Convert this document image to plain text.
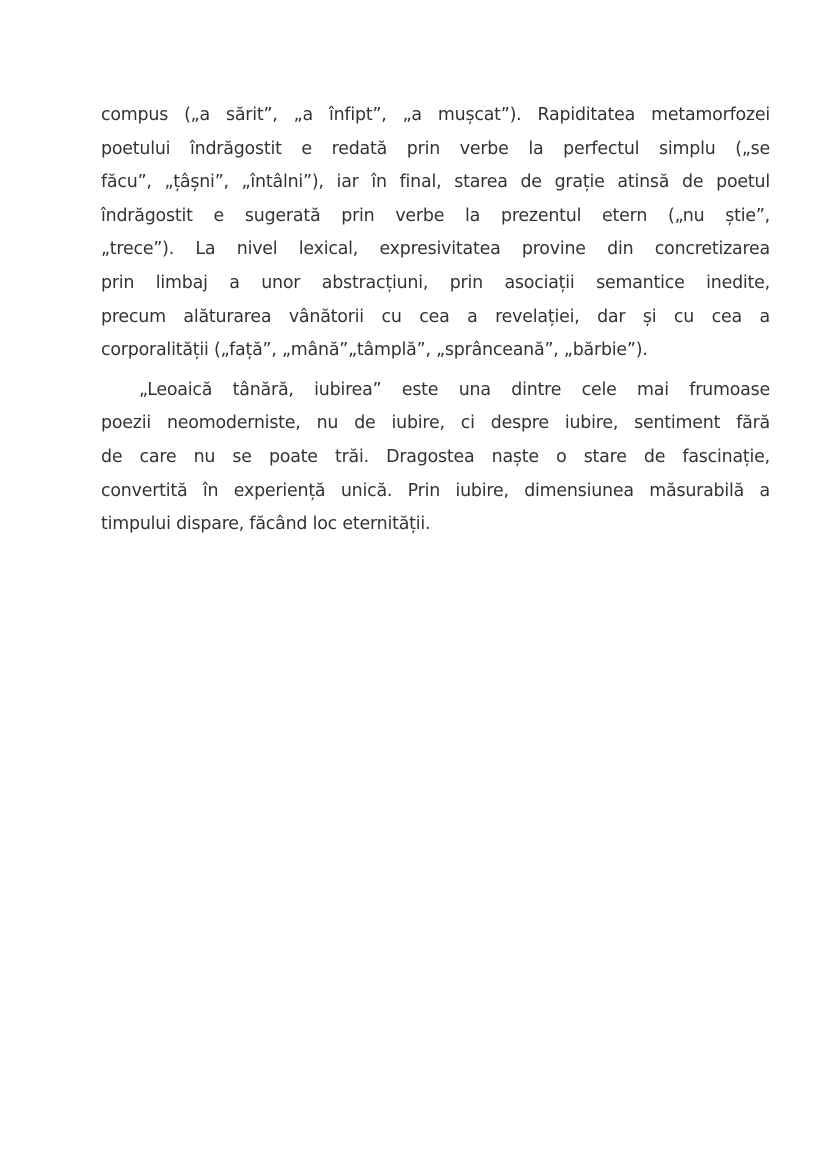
compus („a sărit”, „a înfipt”, „a mușcat”). Rapiditatea metamorfozei
poetului îndrăgostit e redată prin verbe la perfectul simplu („se
făcu”, „țâșni”, „întâlni”), iar în final, starea de grație atinsă de poetul
îndrăgostit e sugerată prin verbe la prezentul etern („nu știe”,
„trece”). La nivel lexical, expresivitatea provine din concretizarea
prin limbaj a unor abstracțiuni, prin asociații semantice inedite,
precum alăturarea vânătorii cu cea a revelației, dar și cu cea a
corporalității („față”, „mână”„tâmplă”, „sprânceană”, „bărbie”).
„Leoaică tânără, iubirea” este una dintre cele mai frumoase
poezii neomoderniste, nu de iubire, ci despre iubire, sentiment fără
de care nu se poate trăi. Dragostea naște o stare de fascinație,
convertită în experiență unică. Prin iubire, dimensiunea măsurabilă a
timpului dispare, făcând loc eternității.
